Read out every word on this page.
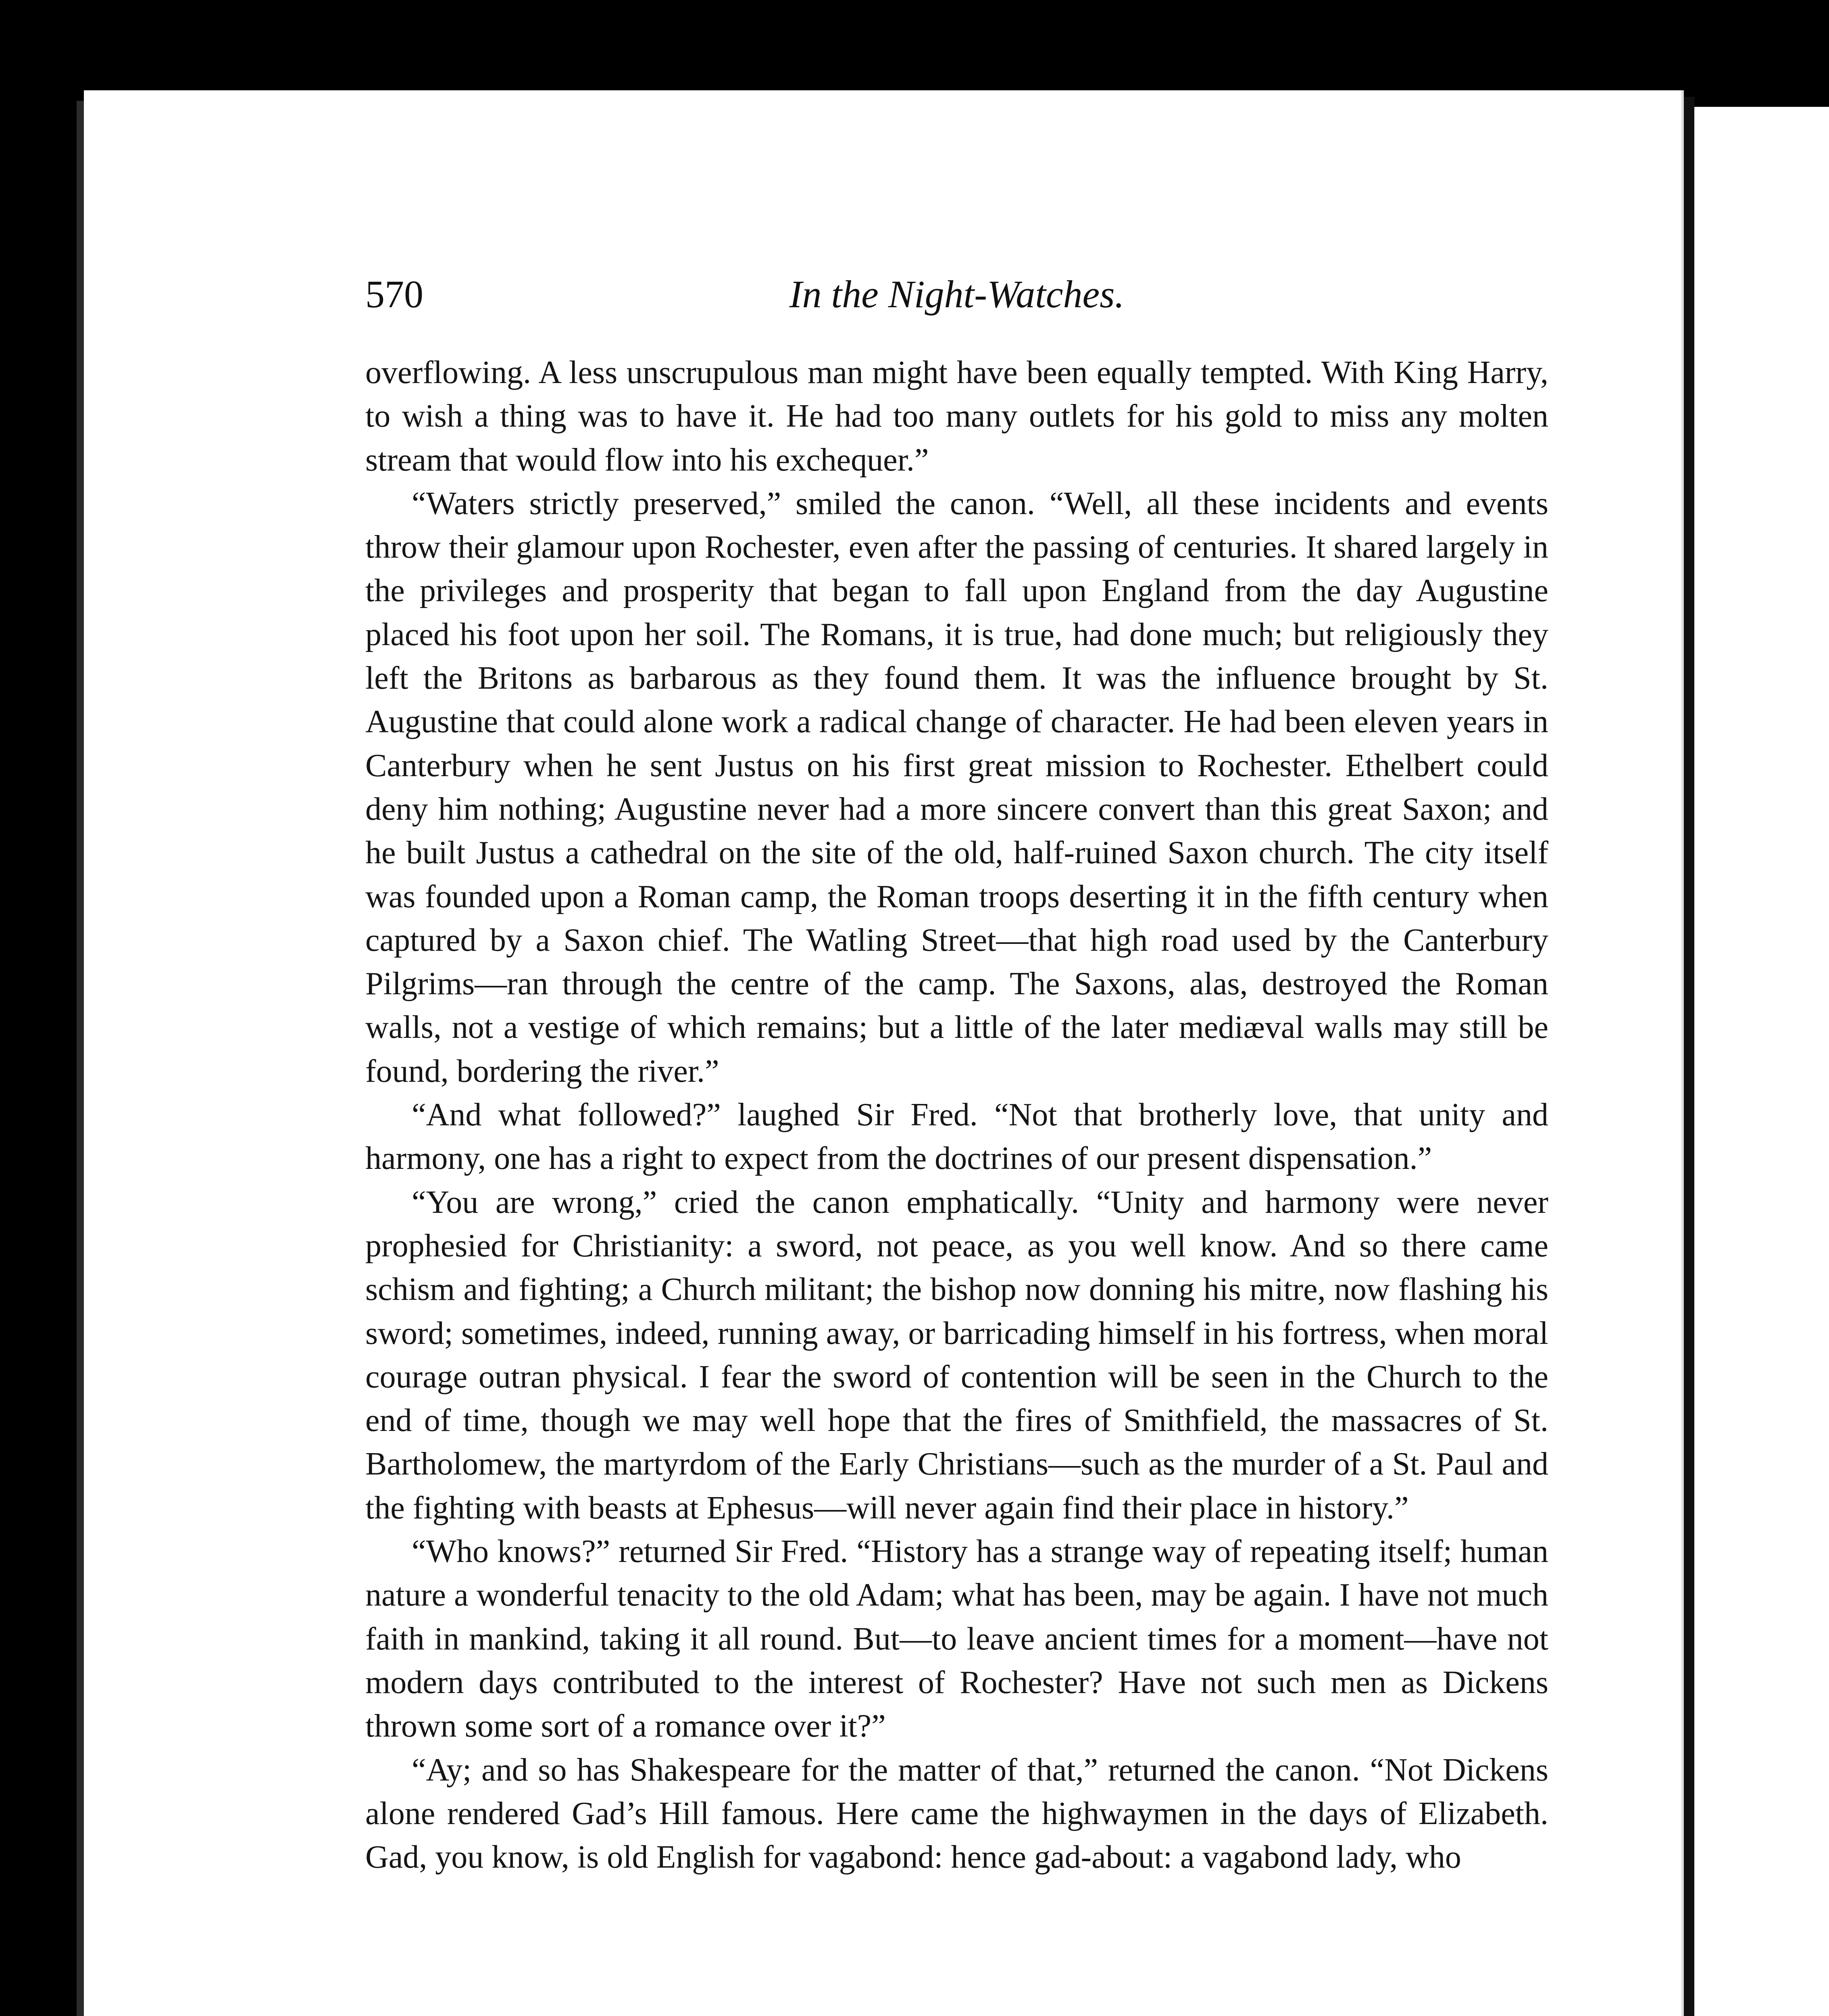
570	In the Night-Watches.

overflowing. A less unscrupulous man might have been equally tempted. With King Harry, to wish a thing was to have it. He had too many outlets for his gold to miss any molten stream that would flow into his exchequer.”

“Waters strictly preserved,” smiled the canon. “Well, all these incidents and events throw their glamour upon Rochester, even after the passing of centuries. It shared largely in the privileges and prosperity that began to fall upon England from the day Augustine placed his foot upon her soil. The Romans, it is true, had done much; but religiously they left the Britons as barbarous as they found them. It was the influence brought by St. Augustine that could alone work a radical change of character. He had been eleven years in Canterbury when he sent Justus on his first great mission to Rochester. Ethelbert could deny him nothing; Augustine never had a more sincere convert than this great Saxon; and he built Justus a cathedral on the site of the old, half-ruined Saxon church. The city itself was founded upon a Roman camp, the Roman troops deserting it in the fifth century when captured by a Saxon chief. The Watling Street—that high road used by the Canterbury Pilgrims—ran through the centre of the camp. The Saxons, alas, destroyed the Roman walls, not a vestige of which remains; but a little of the later mediæval walls may still be found, bordering the river.”

“And what followed?” laughed Sir Fred. “Not that brotherly love, that unity and harmony, one has a right to expect from the doctrines of our present dispensation.”

“You are wrong,” cried the canon emphatically. “Unity and harmony were never prophesied for Christianity: a sword, not peace, as you well know. And so there came schism and fighting; a Church militant; the bishop now donning his mitre, now flashing his sword; sometimes, indeed, running away, or barricading himself in his fortress, when moral courage outran physical. I fear the sword of contention will be seen in the Church to the end of time, though we may well hope that the fires of Smithfield, the massacres of St. Bartholomew, the martyrdom of the Early Christians—such as the murder of a St. Paul and the fighting with beasts at Ephesus—will never again find their place in history.”

“Who knows?” returned Sir Fred. “History has a strange way of repeating itself; human nature a wonderful tenacity to the old Adam; what has been, may be again. I have not much faith in mankind, taking it all round. But—to leave ancient times for a moment—have not modern days contributed to the interest of Rochester? Have not such men as Dickens thrown some sort of a romance over it?”

“Ay; and so has Shakespeare for the matter of that,” returned the canon. “Not Dickens alone rendered Gad’s Hill famous. Here came the highwaymen in the days of Elizabeth. Gad, you know, is old English for vagabond: hence gad-about: a vagabond lady, who
